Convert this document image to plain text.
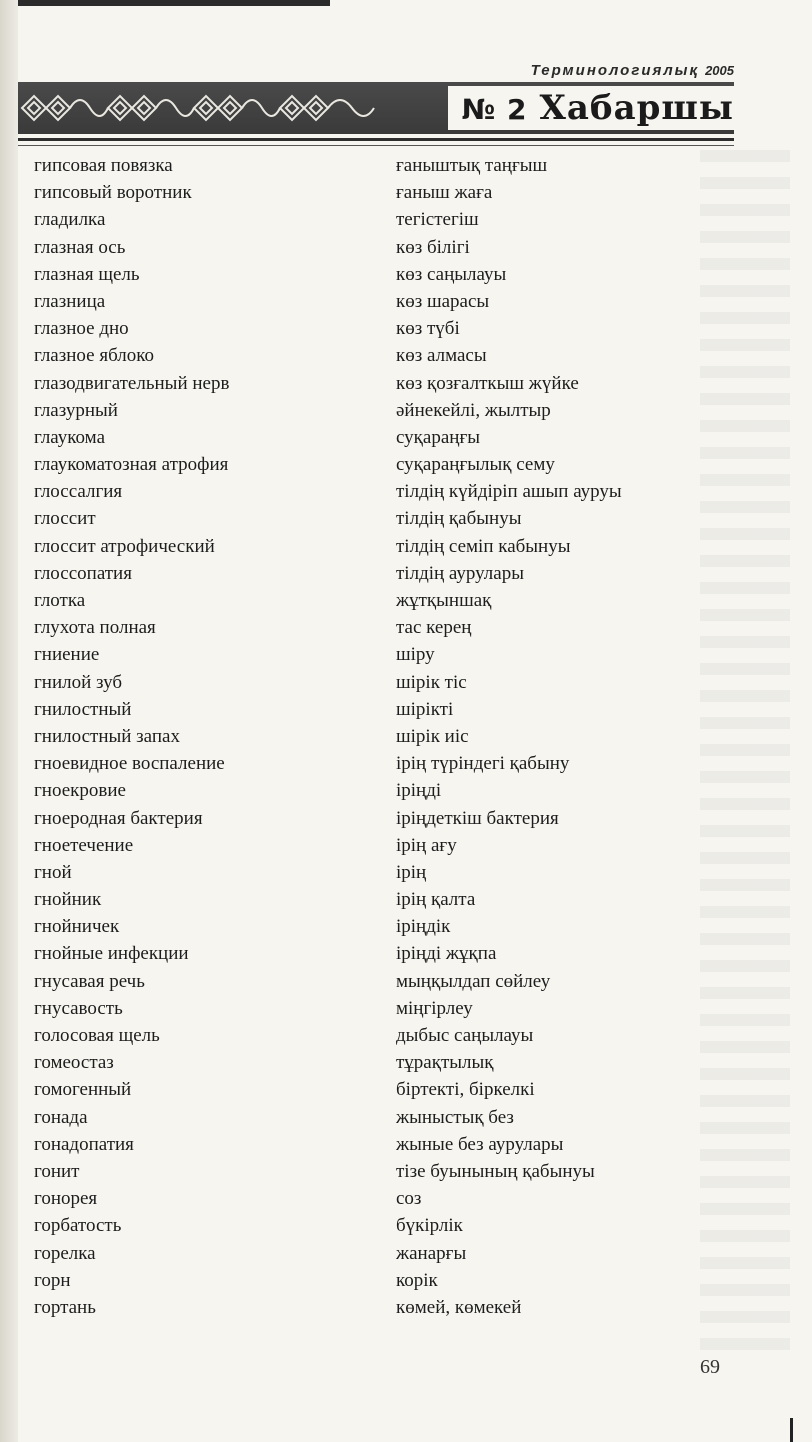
Терминологиялық 2005
№ 2 Хабаршы
гипсовая повязка	ғаныштық таңғыш
гипсовый воротник	ғаныш жаға
гладилка	тегістегіш
глазная ось	көз білігі
глазная щель	көз саңылауы
глазница	көз шарасы
глазное дно	көз түбі
глазное яблоко	көз алмасы
глазодвигательный нерв	көз қозғалткыш жүйке
глазурный	әйнекейлі, жылтыр
глаукома	суқараңғы
глаукоматозная атрофия	суқараңғылық сему
глоссалгия	тілдің күйдіріп ашып ауруы
глоссит	тілдің қабынуы
глоссит атрофический	тілдің семіп кабынуы
глоссопатия	тілдің аурулары
глотка	жұтқыншақ
глухота полная	тас керең
гниение	шіру
гнилой зуб	шірік тіс
гнилостный	шірікті
гнилостный запах	шірік иіс
гноевидное воспаление	ірің түріндегі қабыну
гноекровие	іріңді
гноеродная бактерия	іріңдеткіш бактерия
гноетечение	ірің ағу
гной	ірің
гнойник	ірің қалта
гнойничек	іріңдік
гнойные инфекции	іріңді жұқпа
гнусавая речь	мыңқылдап сөйлеу
гнусавость	міңгірлеу
голосовая щель	дыбыс саңылауы
гомеостаз	тұрақтылық
гомогенный	біртекті, біркелкі
гонада	жыныстық без
гонадопатия	жыные без аурулары
гонит	тізе буынының қабынуы
гонорея	соз
горбатость	бүкірлік
горелка	жанарғы
горн	корік
гортань	көмей, көмекей
69
